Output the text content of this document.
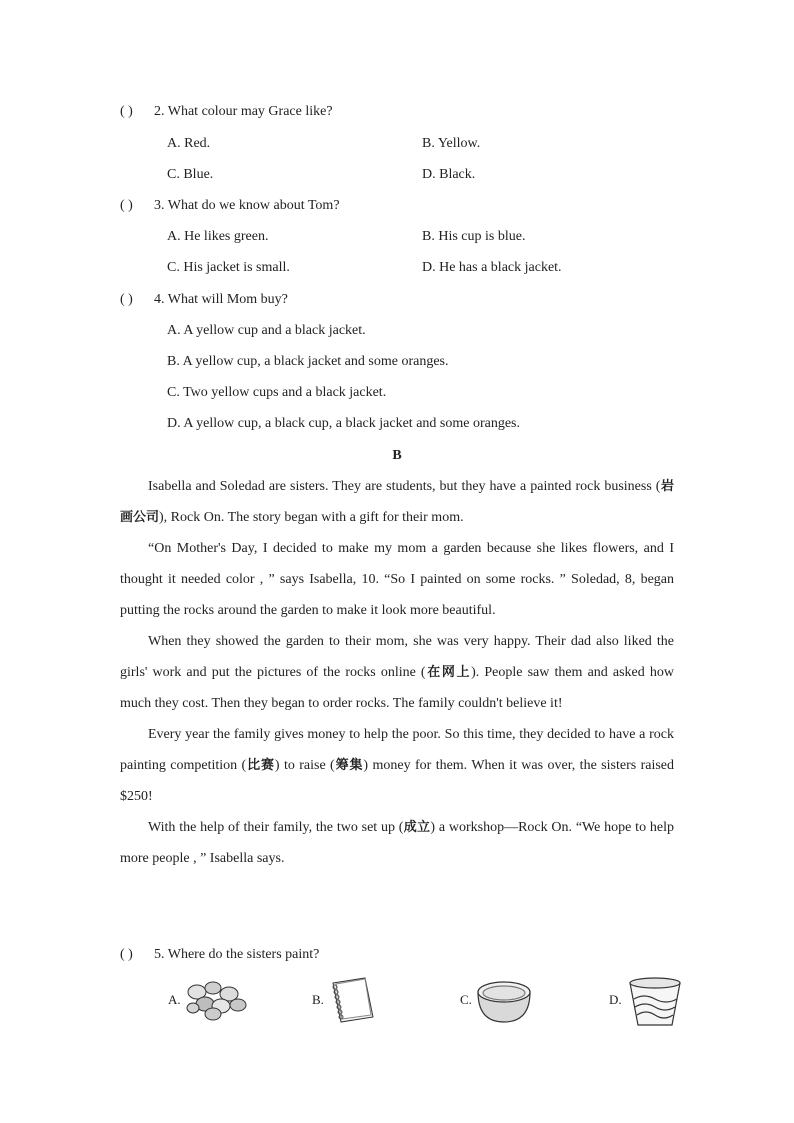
( ) 2. What colour may Grace like?
A. Red.	B. Yellow.
C. Blue.	D. Black.
( ) 3. What do we know about Tom?
A. He likes green.	B. His cup is blue.
C. His jacket is small.	D. He has a black jacket.
( ) 4. What will Mom buy?
A. A yellow cup and a black jacket.
B. A yellow cup, a black jacket and some oranges.
C. Two yellow cups and a black jacket.
D. A yellow cup, a black cup, a black jacket and some oranges.
B

Isabella and Soledad are sisters. They are students, but they have a painted rock business (岩画公司), Rock On. The story began with a gift for their mom.

“On Mother's Day, I decided to make my mom a garden because she likes flowers, and I thought it needed color , ” says Isabella, 10. “So I painted on some rocks. ” Soledad, 8, began putting the rocks around the garden to make it look more beautiful.

When they showed the garden to their mom, she was very happy. Their dad also liked the girls' work and put the pictures of the rocks online (在网上). People saw them and asked how much they cost. Then they began to order rocks. The family couldn't believe it!

Every year the family gives money to help the poor. So this time, they decided to have a rock painting competition (比赛) to raise (筹集) money for them. When it was over, the sisters raised $250!

With the help of their family, the two set up (成立) a workshop—Rock On. “We hope to help more people , ” Isabella says.

( ) 5. Where do the sisters paint?
A.	B.	C.	D.
